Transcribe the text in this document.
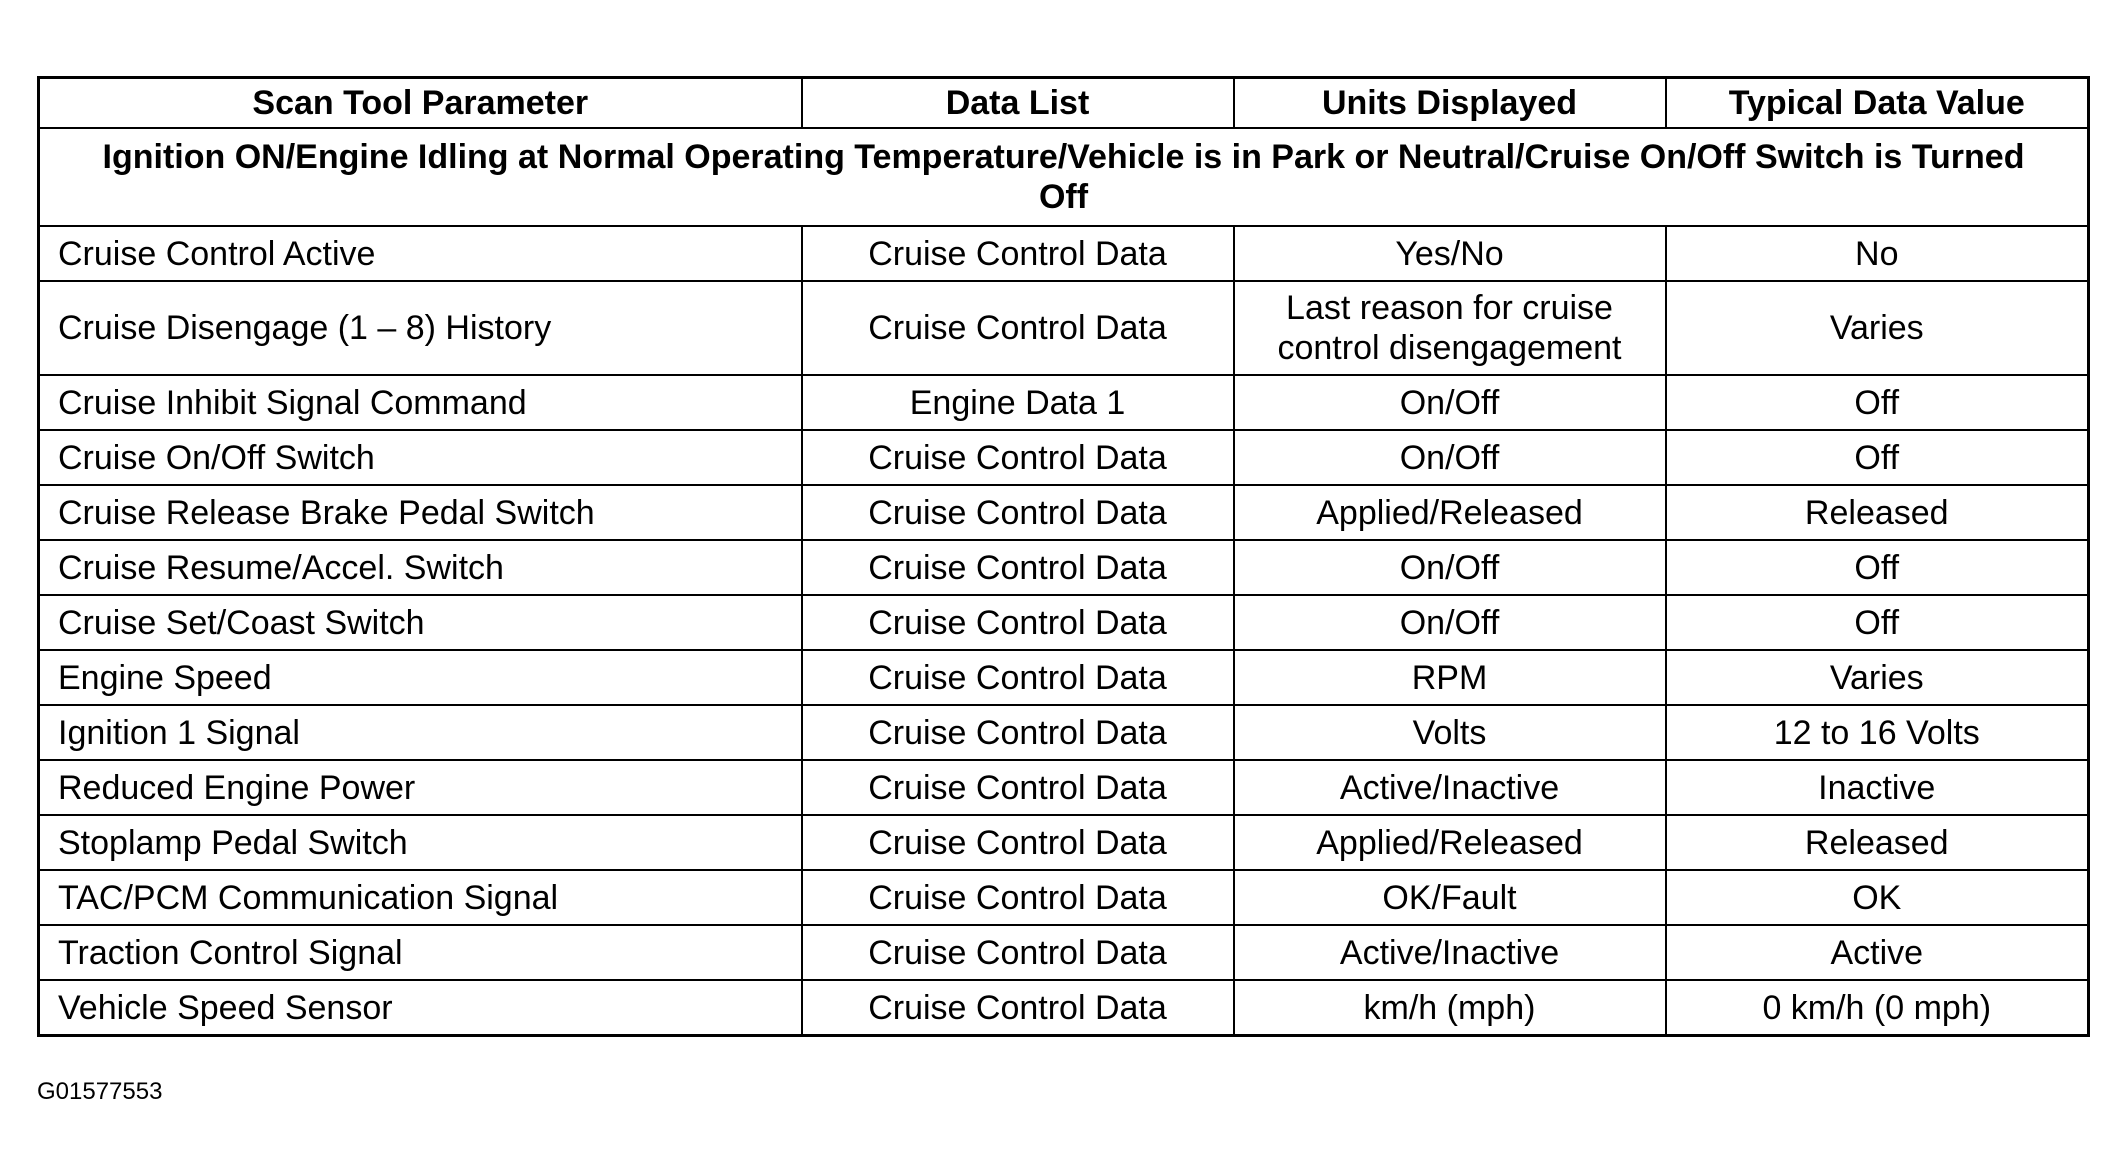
Scan Tool Parameter	Data List	Units Displayed	Typical Data Value
Ignition ON/Engine Idling at Normal Operating Temperature/Vehicle is in Park or Neutral/Cruise On/Off Switch is Turned Off			
Cruise Control Active	Cruise Control Data	Yes/No	No
Cruise Disengage (1 – 8) History	Cruise Control Data	Last reason for cruise control disengagement	Varies
Cruise Inhibit Signal Command	Engine Data 1	On/Off	Off
Cruise On/Off Switch	Cruise Control Data	On/Off	Off
Cruise Release Brake Pedal Switch	Cruise Control Data	Applied/Released	Released
Cruise Resume/Accel. Switch	Cruise Control Data	On/Off	Off
Cruise Set/Coast Switch	Cruise Control Data	On/Off	Off
Engine Speed	Cruise Control Data	RPM	Varies
Ignition 1 Signal	Cruise Control Data	Volts	12 to 16 Volts
Reduced Engine Power	Cruise Control Data	Active/Inactive	Inactive
Stoplamp Pedal Switch	Cruise Control Data	Applied/Released	Released
TAC/PCM Communication Signal	Cruise Control Data	OK/Fault	OK
Traction Control Signal	Cruise Control Data	Active/Inactive	Active
Vehicle Speed Sensor	Cruise Control Data	km/h (mph)	0 km/h (0 mph)
G01577553
